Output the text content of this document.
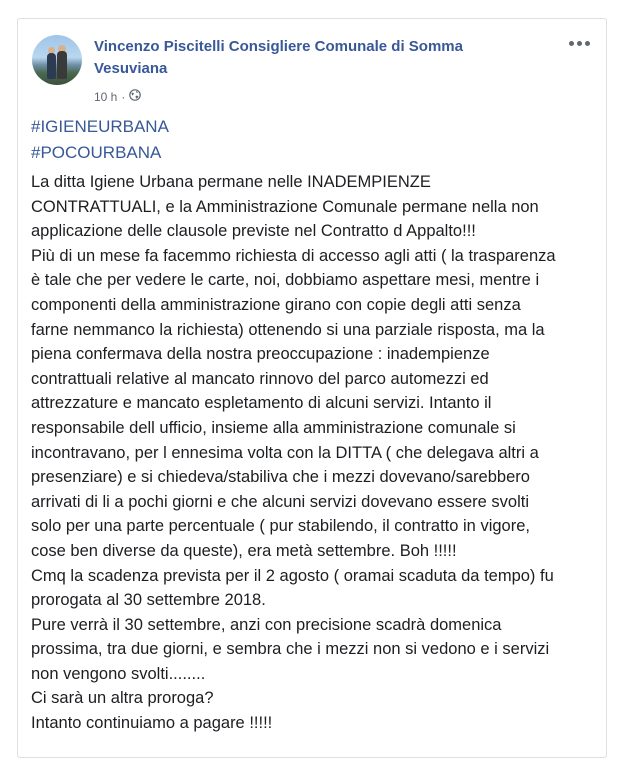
Vincenzo Piscitelli Consigliere Comunale di Somma Vesuviana
10 h ·
#IGIENEURBANA
#POCOURBANA

La ditta Igiene Urbana permane nelle INADEMPIENZE

CONTRATTUALI, e la Amministrazione Comunale permane nella non

applicazione delle clausole previste nel Contratto d Appalto!!!

Più di un mese fa facemmo richiesta di accesso agli atti ( la trasparenza

è tale che per vedere le carte, noi, dobbiamo aspettare mesi, mentre i

componenti della amministrazione girano con copie degli atti senza

farne nemmanco la richiesta) ottenendo si una parziale risposta, ma la

piena confermava della nostra preoccupazione : inadempienze

contrattuali relative al mancato rinnovo del parco automezzi ed

attrezzature e mancato espletamento di alcuni servizi. Intanto il

responsabile dell ufficio, insieme alla amministrazione comunale si

incontravano, per l ennesima volta con la DITTA ( che delegava altri a

presenziare) e si chiedeva/stabiliva che i mezzi dovevano/sarebbero

arrivati di li a pochi giorni e che alcuni servizi dovevano essere svolti

solo per una parte percentuale ( pur stabilendo, il contratto in vigore,

cose ben diverse da queste), era metà settembre. Boh !!!!!

Cmq la scadenza prevista per il 2 agosto ( oramai scaduta da tempo) fu

prorogata al 30 settembre 2018.

Pure verrà il 30 settembre, anzi con precisione scadrà domenica

prossima, tra due giorni, e sembra che i mezzi non si vedono e i servizi

non vengono svolti........

Ci sarà un altra proroga?

Intanto continuiamo a pagare !!!!!
